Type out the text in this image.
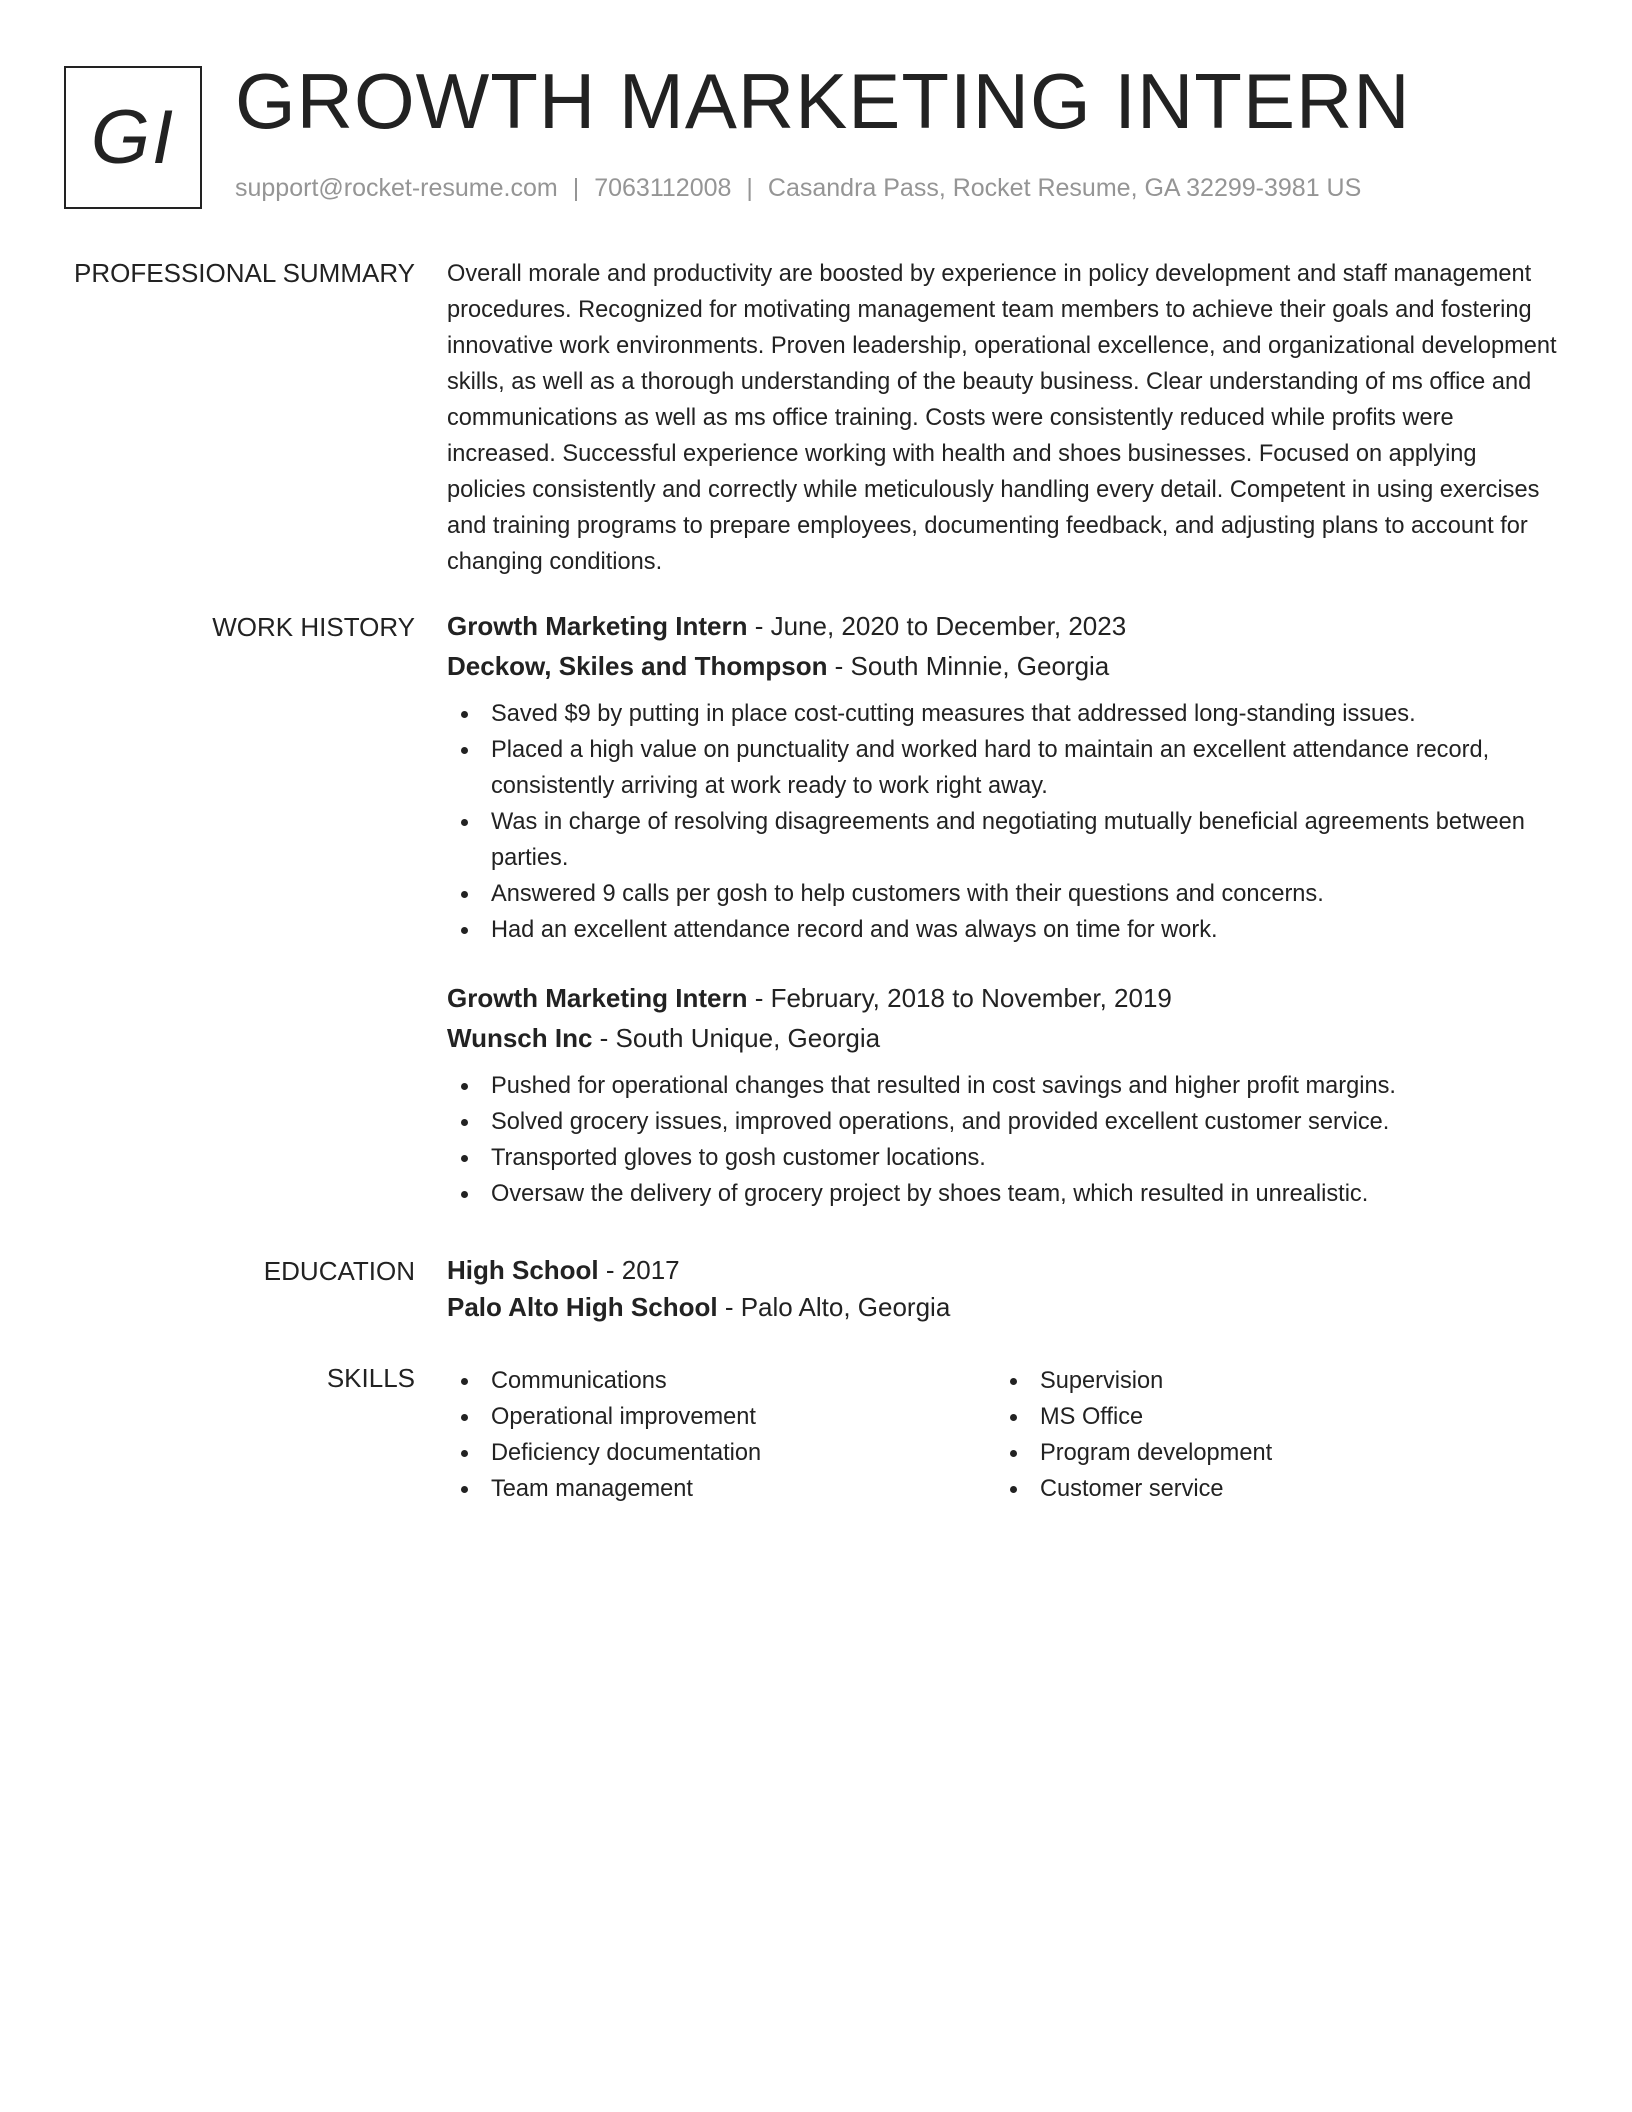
GI GROWTH MARKETING INTERN
support@rocket-resume.com | 7063112008 | Casandra Pass, Rocket Resume, GA 32299-3981 US
PROFESSIONAL SUMMARY Overall morale and productivity are boosted by experience in policy development and staff management procedures. Recognized for motivating management team members to achieve their goals and fostering innovative work environments. Proven leadership, operational excellence, and organizational development skills, as well as a thorough understanding of the beauty business. Clear understanding of ms office and communications as well as ms office training. Costs were consistently reduced while profits were increased. Successful experience working with health and shoes businesses. Focused on applying policies consistently and correctly while meticulously handling every detail. Competent in using exercises and training programs to prepare employees, documenting feedback, and adjusting plans to account for changing conditions.

WORK HISTORY Growth Marketing Intern - June, 2020 to December, 2023
Deckow, Skiles and Thompson - South Minnie, Georgia
Saved $9 by putting in place cost-cutting measures that addressed long-standing issues.
Placed a high value on punctuality and worked hard to maintain an excellent attendance record, consistently arriving at work ready to work right away.
Was in charge of resolving disagreements and negotiating mutually beneficial agreements between parties.
Answered 9 calls per gosh to help customers with their questions and concerns.
Had an excellent attendance record and was always on time for work.
Growth Marketing Intern - February, 2018 to November, 2019
Wunsch Inc - South Unique, Georgia
Pushed for operational changes that resulted in cost savings and higher profit margins.
Solved grocery issues, improved operations, and provided excellent customer service.
Transported gloves to gosh customer locations.
Oversaw the delivery of grocery project by shoes team, which resulted in unrealistic.
EDUCATION High School - 2017
Palo Alto High School - Palo Alto, Georgia
SKILLS	Communications
Operational improvement
Deficiency documentation
Team management
Supervision
MS Office
Program development
Customer service
